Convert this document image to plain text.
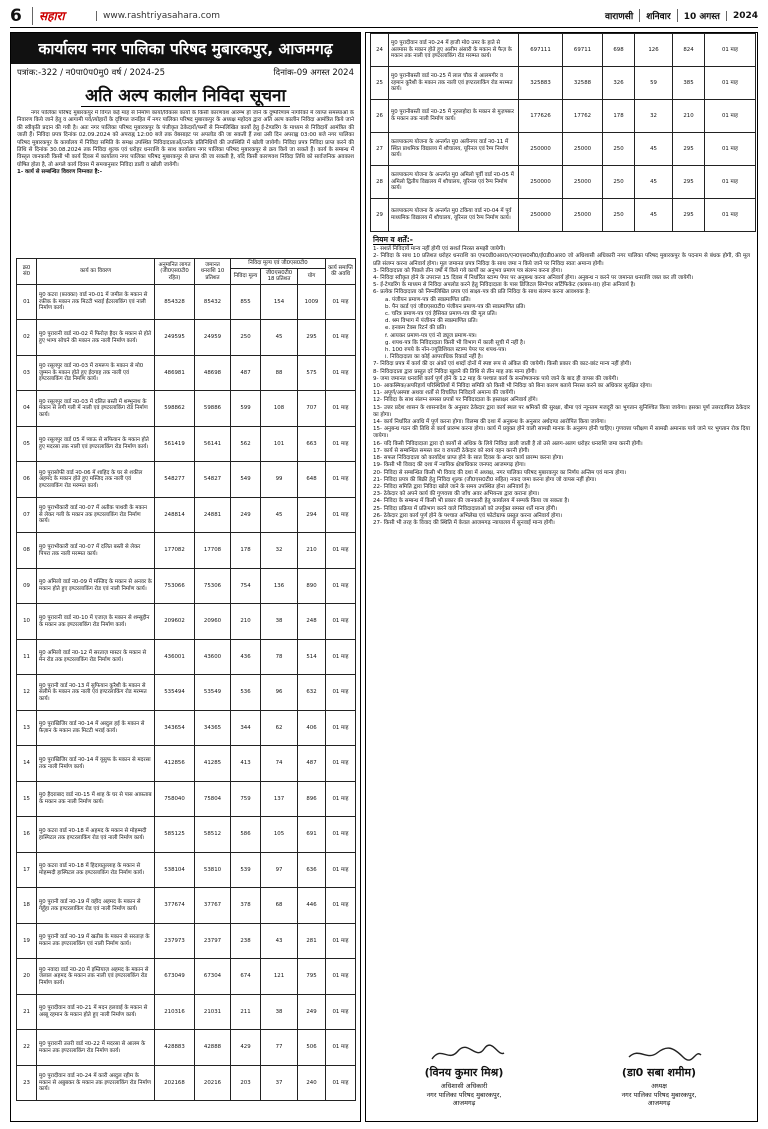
6	सहारा	www.rashtriyasahara.com	वाराणसी	शनिवार	10 अगस्त	2024
कार्यालय नगर पालिका परिषद मुबारकपुर, आजमगढ़
पत्रांक:-322 / न0पा0प0मु0 वर्ष / 2024-25	दिनांक-09 अगस्त 2024
अति अल्प कालीन निविदा सूचना

नगर पालिका परिषद मुबारकपुर में विगत कई माह से निर्माण कार्यों/विकास कार्यों के किसी कारणवश आरम्भ हो जाने के दुष्परिणाम नागरिकों में व्याप्त समस्याओं के निवारण किये जाने हेतु व आगामी पर्व/त्योहारों के दृष्टिगत जनहित में नगर पालिका परिषद मुबारकपुर के अध्यक्ष महोदय द्वारा अति अल्प कालीन निविदा आमंत्रित किये जाने की स्वीकृति प्रदान की गयी है। अतः नगर पालिका परिषद मुबारकपुर के पंजीकृत ठेकेदारों/फर्मों से निम्नलिखित कार्यों हेतु ई-टेण्डरिंग के माध्यम से निविदायें आमंत्रित की जाती हैं। निविदा प्रपत्र दिनांक 02.09.2024 को अपराह्न 12:00 बजे तक वेबसाइट पर अपलोड की जा सकती हैं तथा उसी दिन अपराह्न 03:00 बजे नगर पालिका परिषद मुबारकपुर के कार्यालय में निविदा समिति के समक्ष उपस्थित निविदादाताओं/उनके प्रतिनिधियों की उपस्थिति में खोली जायेगी। निविदा प्रपत्र निविदा प्राप्त करने की तिथि से दिनांक 30.08.2024 तक निविदा शुल्क एवं धरोहर धनराशि के साथ कार्यालय नगर पालिका परिषद मुबारकपुर से क्रय किये जा सकते हैं। कार्य के सम्बन्ध में विस्तृत जानकारी किसी भी कार्य दिवस में कार्यालय नगर पालिका परिषद मुबारकपुर से प्राप्त की जा सकती है, यदि किसी कारणवश निविदा तिथि को सार्वजनिक अवकाश घोषित होता है, तो अगले कार्य दिवस में समयानुसार निविदा डाली व खोली जायेगी।

1- कार्य से सम्बन्धित विवरण निम्नवत है:-

क्र0 सं0	कार्य का विवरण	अनुमानित लागत (जी0एस0टी0 रहित)	जमानत धनराशि 10 प्रतिशत	निविदा मूल्य एवं जी0एस0टी0			कार्य समाप्ति की अवधि
				निविदा मूल्य	जी0एस0टी0 18 प्रतिशत	योग	
01	मु0 कटरा (फ़ाक्का) वार्ड न0-01 में जमील के मकान से रफ़ीक के मकान तक मिटटी भराई ईंटरलाकिंग एवं नाली निर्माण कार्य।	854328	85432	855	154	1009	01 माह
02	मु0 पुरारानी वार्ड न0-02 में फिरोज़ हैदर के मकान से होते हुए भाग्य सोचने की मकान तक नाली निर्माण कार्य।	249595	24959	250	45	295	01 माह
03	मु0 रसूलपुर वार्ड न0-03 में रामरूप के मकान से मो0 जुम्मन के मकान होते हुए ईदगाह तक नाली एवं इण्टरलाकिंग रोड निर्माण कार्य।	486981	48698	487	88	575	01 माह
04	मु0 रसूलपुर वार्ड न0-03 में दलित बस्ती में शम्भुनाथ के मकान से लगी गली में नाली एवं इण्टरलाकिंग रोड निर्माण कार्य।	598862	59886	599	108	707	01 माह
05	मु0 रसूलपुर वार्ड 05 में प्याऊ से सफियान के मकान होते हुए मदरसा तक नाली एवं इण्टरलाकिंग रोड निर्माण कार्य।	561419	56141	562	101	663	01 माह
06	मु0 पुरासोफी वार्ड न0-06 में शाहिद के घर से शकील अहमद के मकान होते हुए मस्जिद तक नाली एवं इण्टरलाकिंग रोड मरम्मत कार्य।	548277	54827	549	99	648	01 माह
07	मु0 पुराभीकारी वार्ड न0-07 में अतीक पाथवी के मकान से लेकर गली के मकान तक इण्टरलाकिंग रोड निर्माण कार्य।	248814	24881	249	45	294	01 माह
08	मु0 पुराभीकारी वार्ड न0-07 में दलित बस्ती से लेकर पिपरा तक नाली मरम्मत कार्य।	177082	17708	178	32	210	01 माह
09	मु0 अमिलो वार्ड न0-09 में मस्जिद के मकान से अनवर के मकान होते हुए इण्टरलाकिंग रोड एवं नाली निर्माण कार्य।	753066	75306	754	136	890	01 माह
10	मु0 पुरारानी वार्ड न0-10 में एजाज़ के मकान से शम्सुद्दीन के मकान तक इण्टरलाकिंग रोड निर्माण कार्य।	209602	20960	210	38	248	01 माह
11	मु0 अमिलो वार्ड न0-12 में सरताज़ मास्टर के मकान से मेन रोड तक इण्टरलाकिंग रोड निर्माण कार्य।	436001	43600	436	78	514	01 माह
12	मु0 पुरानी वार्ड न0-13 में सुफियान कुरैशी के मकान से सलीम के मकान तक नाली एवं इण्टरलाकिंग रोड मरम्मत कार्य।	535494	53549	536	96	632	01 माह
13	मु0 पुराखिजिर वार्ड न0-14 में अब्दुल हई के मकान से फ़ैज़ान के मकान तक मिटटी भराई कार्य।	343654	34365	344	62	406	01 माह
14	मु0 पुराखिजिर वार्ड न0-14 में यूसुफ के मकान से मदरसा तक नाली निर्माण कार्य।	412856	41285	413	74	487	01 माह
15	मु0 हैदराबाद वार्ड न0-15 में शाह के घर से पास आफ़ताब के मकान तक नाली निर्माण कार्य।	758040	75804	759	137	896	01 माह
16	मु0 कटरा वार्ड न0-18 में अहमद के मकान से मोहम्मदी हास्पिटल तक इण्टरलाकिंग रोड एवं नाली निर्माण कार्य।	585125	58512	586	105	691	01 माह
17	मु0 कटरा वार्ड न0-18 में हिदायतुल्लाह के मकान से मोहम्मदी हास्पिटल तक इण्टरलाकिंग रोड निर्माण कार्य।	538104	53810	539	97	636	01 माह
18	मु0 पुरानी वार्ड न0-19 में वहीद अहमद के मकान से गेहूँहा तक इण्टरलाकिंग रोड एवं नाली निर्माण कार्य।	377674	37767	378	68	446	01 माह
19	मु0 पुरानी वार्ड न0-19 में खतीब के मकान से सरताज़ के मकान तक इण्टरलाकिंग एवं नाली निर्माण कार्य।	237973	23797	238	43	281	01 माह
20	मु0 नवादा वार्ड न0-20 में इम्तियाज़ अहमद के मकान से जलाल अहमद के मकान तक नाली एवं इण्टरलाकिंग रोड निर्माण कार्य।	673049	67304	674	121	795	01 माह
21	मु0 पुरादीवान वार्ड न0-21 में मदन हलवाई के मकान से अब्बू रहमान के मकान होते हुए नाली निर्माण कार्य।	210316	21031	211	38	249	01 माह
22	मु0 पुरारानी उत्तरी वार्ड न0-22 में मदरसा से आलम के मकान तक इण्टरलाकिंग रोड निर्माण कार्य।	428883	42888	429	77	506	01 माह
23	मु0 पुरादीवान वार्ड न0-24 में कारी अब्दुल रहीम के मकान से अबुबकर के मकान तक इण्टरलाकिंग रोड निर्माण कार्य।	202168	20216	203	37	240	01 माह
24	मु0 पुरादीवान वार्ड न0-24 में हाजी मो0 उमर के हाते से अलमास के मकान होते हुए अलीम अंसारी के मकान से फैज़ के मकान तक नाली एवं इण्टरलाकिंग रोड मरम्मत कार्य।	697111	69711	698	126	824	01 माह
25	मु0 पुरानीबस्ती वार्ड न0-25 में लाल चौक से आलमगीर व रहमान कुरैशी के मकान तक नाली एवं इण्टरलाकिंग रोड मरम्मत कार्य।	325883	32588	326	59	385	01 माह
26	मु0 पुरानीबस्ती वार्ड न0-25 में नूरुलहोदा के मकान से मुज़फ्फ़र के मकान तक नाली निर्माण कार्य।	177626	17762	178	32	210	01 माह
27	कलपाकल्प योजना के अन्तर्गत मु0 अलीनगर वार्ड न0-11 में स्थित प्राथमिक विद्यालय में शौचालय, यूरिनल एवं रैम्प निर्माण कार्य।	250000	25000	250	45	295	01 माह
28	कलपाकल्प योजना के अन्तर्गत मु0 अमिलो पूर्वी वार्ड न0-05 में अमिलो द्वितीय विद्यालय में शौचालय, यूरिनल एवं रैम्प निर्माण कार्य।	250000	25000	250	45	295	01 माह
29	कलपाकल्प योजना के अन्तर्गत मु0 टकिया वार्ड न0-04 में पूर्व माध्यमिक विद्यालय में शौचालय, यूरिनल एवं रैम्प निर्माण कार्य।	250000	25000	250	45	295	01 माह
नियम व शर्तें:-

1- सशर्त निविदायें मान्य नहीं होगी एवं सशर्त निरस्त समझी जायेगी।

2- निविदा के साथ 10 प्रतिशत धरोहर धनराशि का एफ0डी0आर0/एन0एस0सी0/ई0डी0आर0 जो अधिशासी अधिकारी नगर पालिका परिषद मुबारकपुर के पदनाम से बंधक होगी, की मूल प्रति संलग्न करना अनिवार्य होगा। मूल जमानत प्रपत्र निविदा के साथ जमा न किये जाने पर निविदा स्वतः अमान्य होगी।

3- निविदादाता को पिछले तीन वर्षों में किये गये कार्यों का अनुभव प्रमाण पत्र संलग्न करना होगा।

4- निविदा स्वीकृत होने के उपरान्त 15 दिवस में निर्धारित स्टाम्प पेपर पर अनुबन्ध करना अनिवार्य होगा। अनुबन्ध न करने पर जमानत धनराशि जब्त कर ली जायेगी।

5- ई-टेण्डरिंग के माध्यम से निविदा अपलोड करने हेतु निविदादाता के पास डिजिटल सिग्नेचर सर्टिफिकेट (क्लास-III) होना अनिवार्य है।

6- प्रत्येक निविदादाता को निम्नलिखित प्रपत्र एवं साक्ष्य-पत्र की प्रति निविदा के साथ संलग्न करना आवश्यक है:

a. पंजीयन प्रमाण-पत्र की स्वप्रमाणित प्रति।

b. पैन कार्ड एवं जी0एस0टी0 पंजीयन प्रमाण-पत्र की स्वप्रमाणित प्रति।

c. चरित्र प्रमाण-पत्र एवं हैसियत प्रमाण-पत्र की मूल प्रति।

d. श्रम विभाग में पंजीयन की स्वप्रमाणित प्रति।

e. इनकम टैक्स रिटर्न की प्रति।

f. आयकर प्रमाण-पत्र एवं नो ड्यूज प्रमाण-पत्र।

g. शपथ-पत्र कि निविदादाता किसी भी विभाग में काली सूची में नहीं है।

h. 100 रुपये के नॉन-ज्यूडिशियल स्टाम्प पेपर पर शपथ-पत्र।

i. निविदादाता का कोई आपराधिक रिकार्ड नहीं है।

7- निविदा प्रपत्र में कार्य की दर अंकों एवं शब्दों दोनों में स्पष्ट रूप से अंकित की जायेगी। किसी प्रकार की काट-छांट मान्य नहीं होगी।

8- निविदादाता द्वारा प्रस्तुत दरें निविदा खुलने की तिथि से तीन माह तक मान्य होंगी।

9- जमा जमानत धनराशि कार्य पूर्ण होने के 12 माह के पश्चात कार्य के सन्तोषजनक पाये जाने के बाद ही वापस की जायेगी।

10- आकस्मिक/अपरिहार्य परिस्थितियों में निविदा समिति को किसी भी निविदा को बिना कारण बताये निरस्त करने का अधिकार सुरक्षित रहेगा।

11- अपूर्ण/अस्पष्ट अथवा शर्तों से विचलित निविदायें अमान्य की जायेंगी।

12- निविदा के साथ संलग्न समस्त प्रपत्रों पर निविदादाता के हस्ताक्षर अनिवार्य होंगे।

13- उत्तर प्रदेश शासन के शासनादेश के अनुसार ठेकेदार द्वारा कार्य स्थल पर श्रमिकों की सुरक्षा, बीमा एवं न्यूनतम मजदूरी का भुगतान सुनिश्चित किया जायेगा। इसका पूर्ण उत्तरदायित्व ठेकेदार का होगा।

14- कार्य निर्धारित अवधि में पूर्ण करना होगा। विलम्ब की दशा में अनुबन्ध के अनुसार अर्थदण्ड आरोपित किया जायेगा।

15- अनुबन्ध गठन की तिथि से कार्य प्रारम्भ करना होगा। कार्य में प्रयुक्त होने वाली सामग्री मानक के अनुरूप होनी चाहिए। गुणवत्ता परीक्षण में सामग्री अमानक पाये जाने पर भुगतान रोक दिया जायेगा।

16- यदि किसी निविदादाता द्वारा दो कार्यों से अधिक के लिये निविदा डाली जाती है तो उसे अलग-अलग धरोहर धनराशि जमा करनी होगी।

17- कार्य से सम्बन्धित समस्त कर व रायल्टी ठेकेदार को स्वयं वहन करनी होगी।

18- सफल निविदादाता को कार्यादेश प्राप्त होने के सात दिवस के अन्दर कार्य प्रारम्भ करना होगा।

19- किसी भी विवाद की दशा में न्यायिक क्षेत्राधिकार जनपद आजमगढ़ होगा।

20- निविदा से सम्बन्धित किसी भी विवाद की दशा में अध्यक्ष, नगर पालिका परिषद मुबारकपुर का निर्णय अन्तिम एवं मान्य होगा।

21- निविदा प्रपत्र की बिक्री हेतु निविदा शुल्क (जी0एस0टी0 सहित) नकद जमा करना होगा जो वापस नहीं होगा।

22- निविदा समिति द्वारा निविदा खोले जाने के समय उपस्थित होना अनिवार्य है।

23- ठेकेदार को अपने कार्य की गुणवत्ता की जाँच अवर अभियन्ता द्वारा कराना होगा।

24- निविदा के सम्बन्ध में किसी भी प्रकार की जानकारी हेतु कार्यालय में सम्पर्क किया जा सकता है।

25- निविदा प्रक्रिया में प्रतिभाग करने वाले निविदादाताओं को उपर्युक्त समस्त शर्तें मान्य होंगी।

26- ठेकेदार द्वारा कार्य पूर्ण होने के पश्चात अभिलेख एवं फोटोग्राफ प्रस्तुत करना अनिवार्य होगा।

27- किसी भी तरह के विवाद की स्थिति में केवल आजमगढ़ न्यायालय में सुनवाई मान्य होगी।

(विनय कुमार मिश्र)
अधिशासी अधिकारी
नगर पालिका परिषद मुबारकपुर,
आजमगढ़
(डा0 सबा शमीम)
अध्यक्ष
नगर पालिका परिषद मुबारकपुर,
आजमगढ़
